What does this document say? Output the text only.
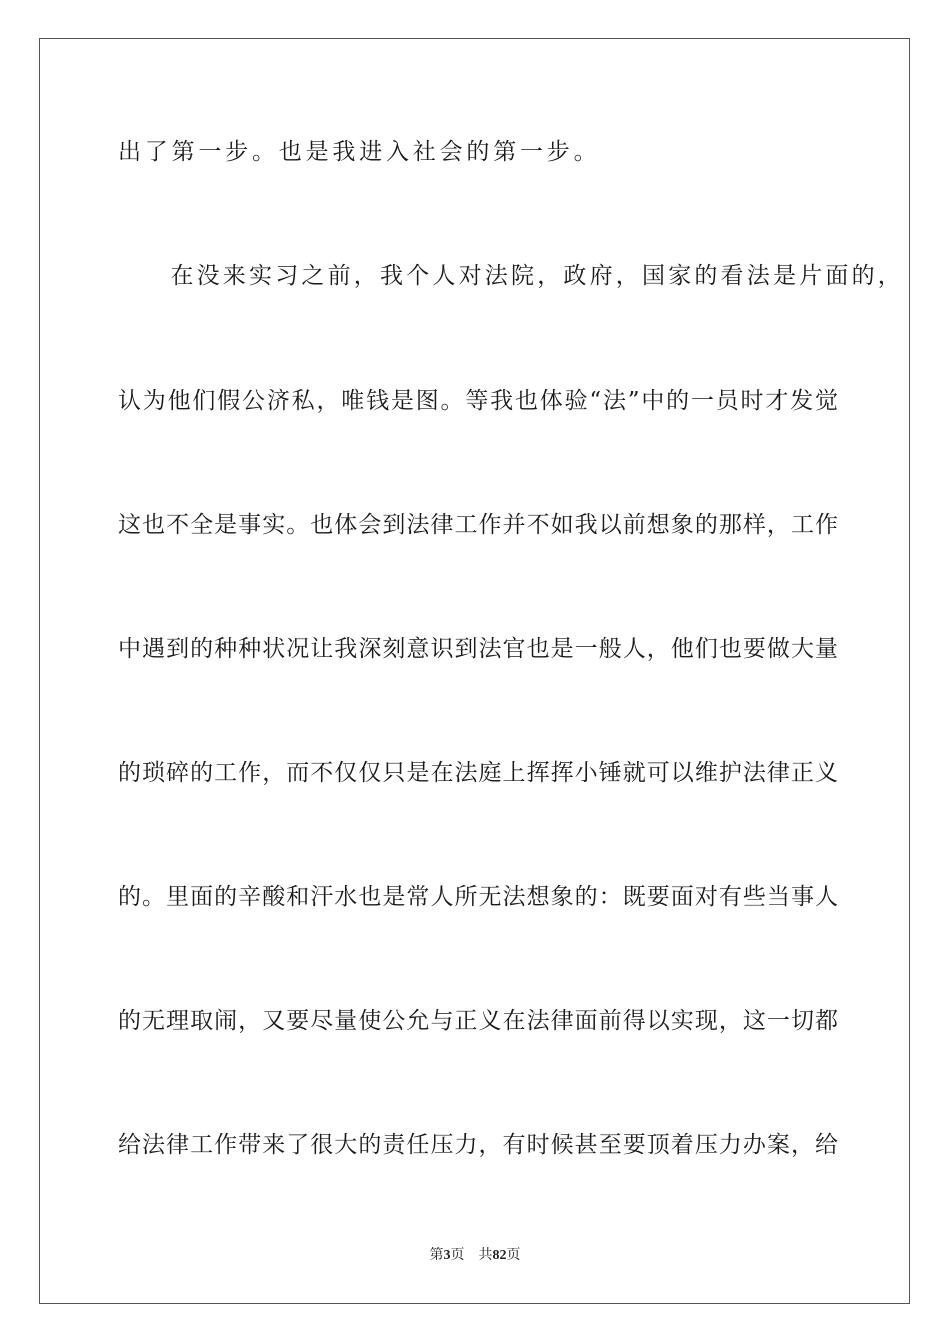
出了第一步。也是我进入社会的第一步。
　　在没来实习之前，我个人对法院，政府，国家的看法是片面的，
认为他们假公济私，唯钱是图。等我也体验“法”中的一员时才发觉
这也不全是事实。也体会到法律工作并不如我以前想象的那样，工作
中遇到的种种状况让我深刻意识到法官也是一般人，他们也要做大量
的琐碎的工作，而不仅仅只是在法庭上挥挥小锤就可以维护法律正义
的。里面的辛酸和汗水也是常人所无法想象的：既要面对有些当事人
的无理取闹，又要尽量使公允与正义在法律面前得以实现，这一切都
给法律工作带来了很大的责任压力，有时候甚至要顶着压力办案，给
第3页 共82页
